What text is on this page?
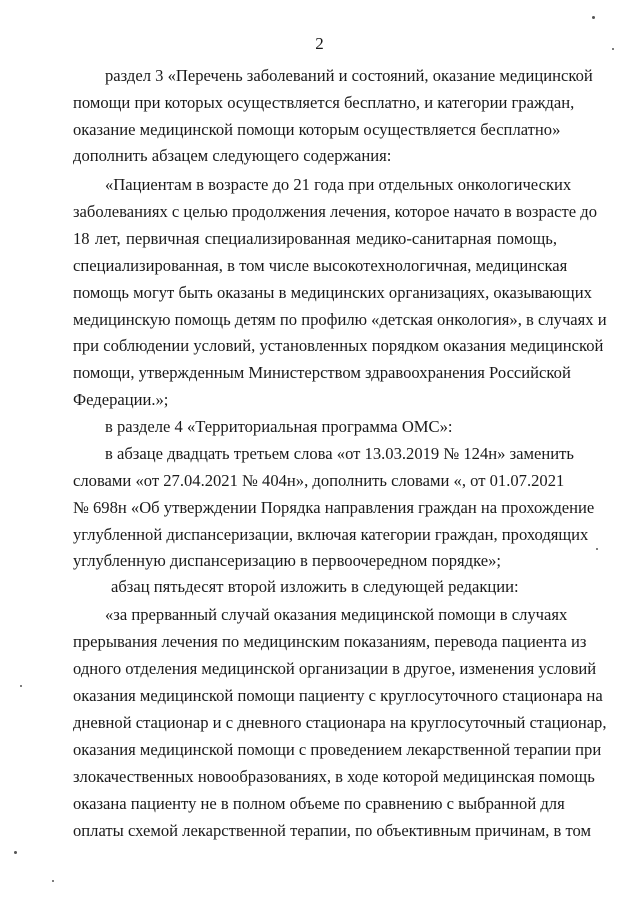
2
раздел 3 «Перечень заболеваний и состояний, оказание медицинской
помощи при которых осуществляется бесплатно, и категории граждан,
оказание медицинской помощи которым осуществляется бесплатно»
дополнить абзацем следующего содержания:
«Пациентам в возрасте до 21 года при отдельных онкологических
заболеваниях с целью продолжения лечения, которое начато в возрасте до
18 лет, первичная специализированная медико-санитарная помощь,
специализированная, в том числе высокотехнологичная, медицинская
помощь могут быть оказаны в медицинских организациях, оказывающих
медицинскую помощь детям по профилю «детская онкология», в случаях и
при соблюдении условий, установленных порядком оказания медицинской
помощи, утвержденным Министерством здравоохранения Российской
Федерации.»;
в разделе 4 «Территориальная программа ОМС»:
в абзаце двадцать третьем слова «от 13.03.2019 № 124н» заменить
словами «от 27.04.2021 № 404н», дополнить словами «, от 01.07.2021
№ 698н «Об утверждении Порядка направления граждан на прохождение
углубленной диспансеризации, включая категории граждан, проходящих
углубленную диспансеризацию в первоочередном порядке»;
абзац пятьдесят второй изложить в следующей редакции:
«за прерванный случай оказания медицинской помощи в случаях
прерывания лечения по медицинским показаниям, перевода пациента из
одного отделения медицинской организации в другое, изменения условий
оказания медицинской помощи пациенту с круглосуточного стационара на
дневной стационар и с дневного стационара на круглосуточный стационар,
оказания медицинской помощи с проведением лекарственной терапии при
злокачественных новообразованиях, в ходе которой медицинская помощь
оказана пациенту не в полном объеме по сравнению с выбранной для
оплаты схемой лекарственной терапии, по объективным причинам, в том
